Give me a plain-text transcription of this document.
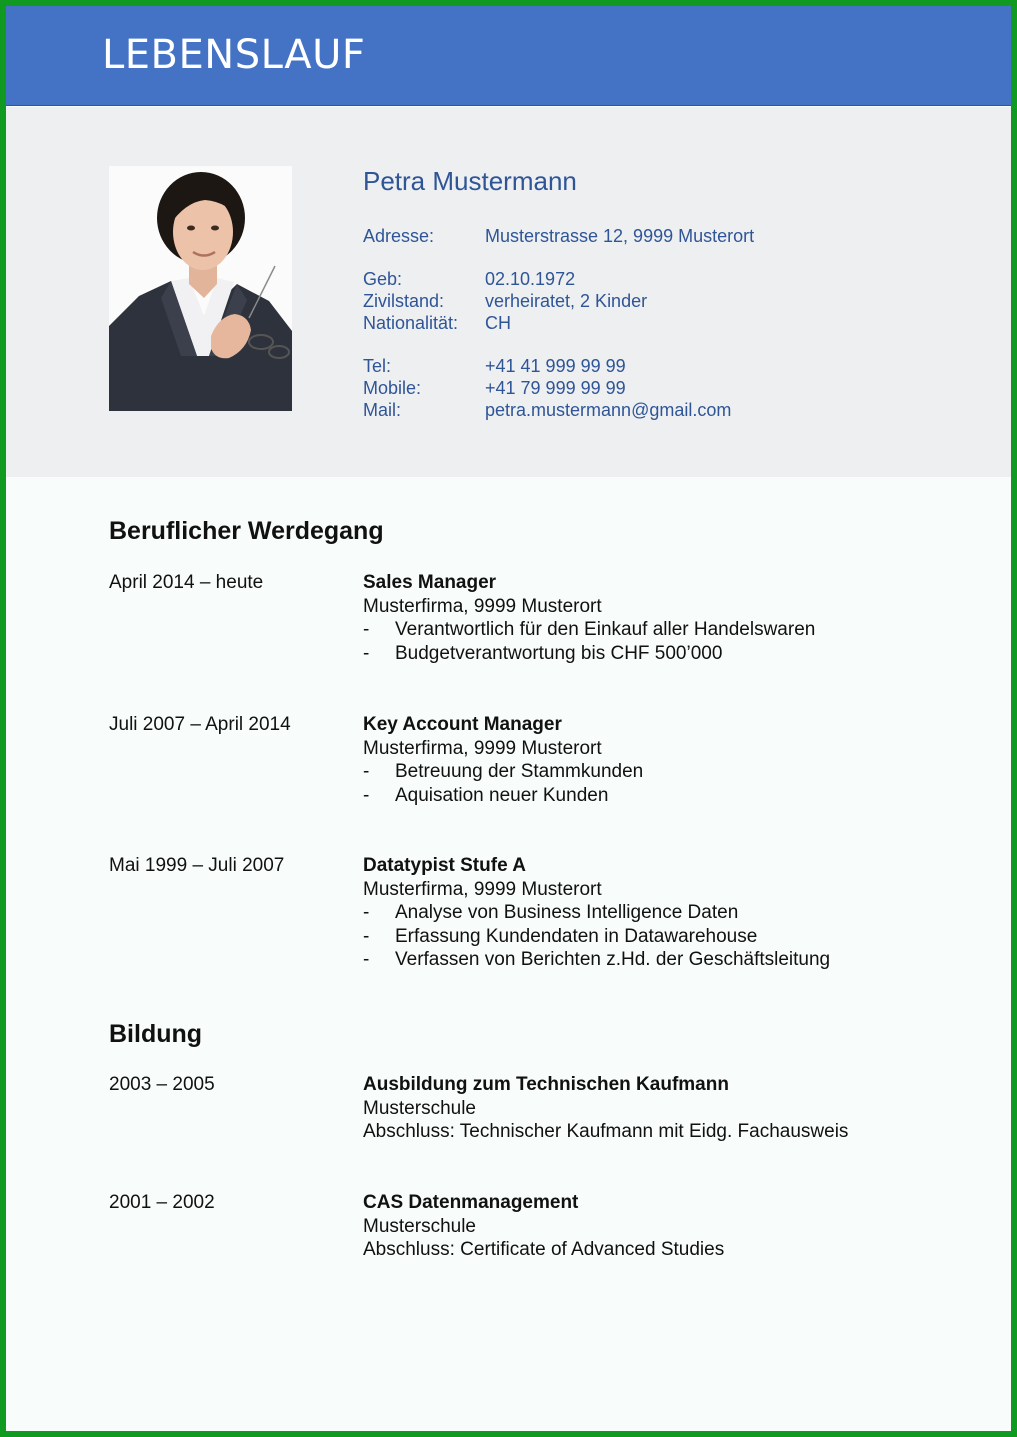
LEBENSLAUF
Petra Mustermann
Adresse:	Musterstrasse 12, 9999 Musterort
Geb:	02.10.1972
Zivilstand: verheiratet, 2 Kinder
Nationalität: CH
Tel:	+41 41 999 99 99
Mobile:	+41 79 999 99 99
Mail:	petra.mustermann@gmail.com
Beruflicher Werdegang
April 2014 – heute	Sales Manager
Musterfirma, 9999 Musterort
- Verantwortlich für den Einkauf aller Handelswaren
- Budgetverantwortung bis CHF 500’000
Juli 2007 – April 2014	Key Account Manager
Musterfirma, 9999 Musterort
- Betreuung der Stammkunden
- Aquisation neuer Kunden
Mai 1999 – Juli 2007	Datatypist Stufe A
Musterfirma, 9999 Musterort
- Analyse von Business Intelligence Daten
- Erfassung Kundendaten in Datawarehouse
- Verfassen von Berichten z.Hd. der Geschäftsleitung
Bildung
2003 – 2005	Ausbildung zum Technischen Kaufmann
Musterschule
Abschluss: Technischer Kaufmann mit Eidg. Fachausweis
2001 – 2002	CAS Datenmanagement
Musterschule
Abschluss: Certificate of Advanced Studies
